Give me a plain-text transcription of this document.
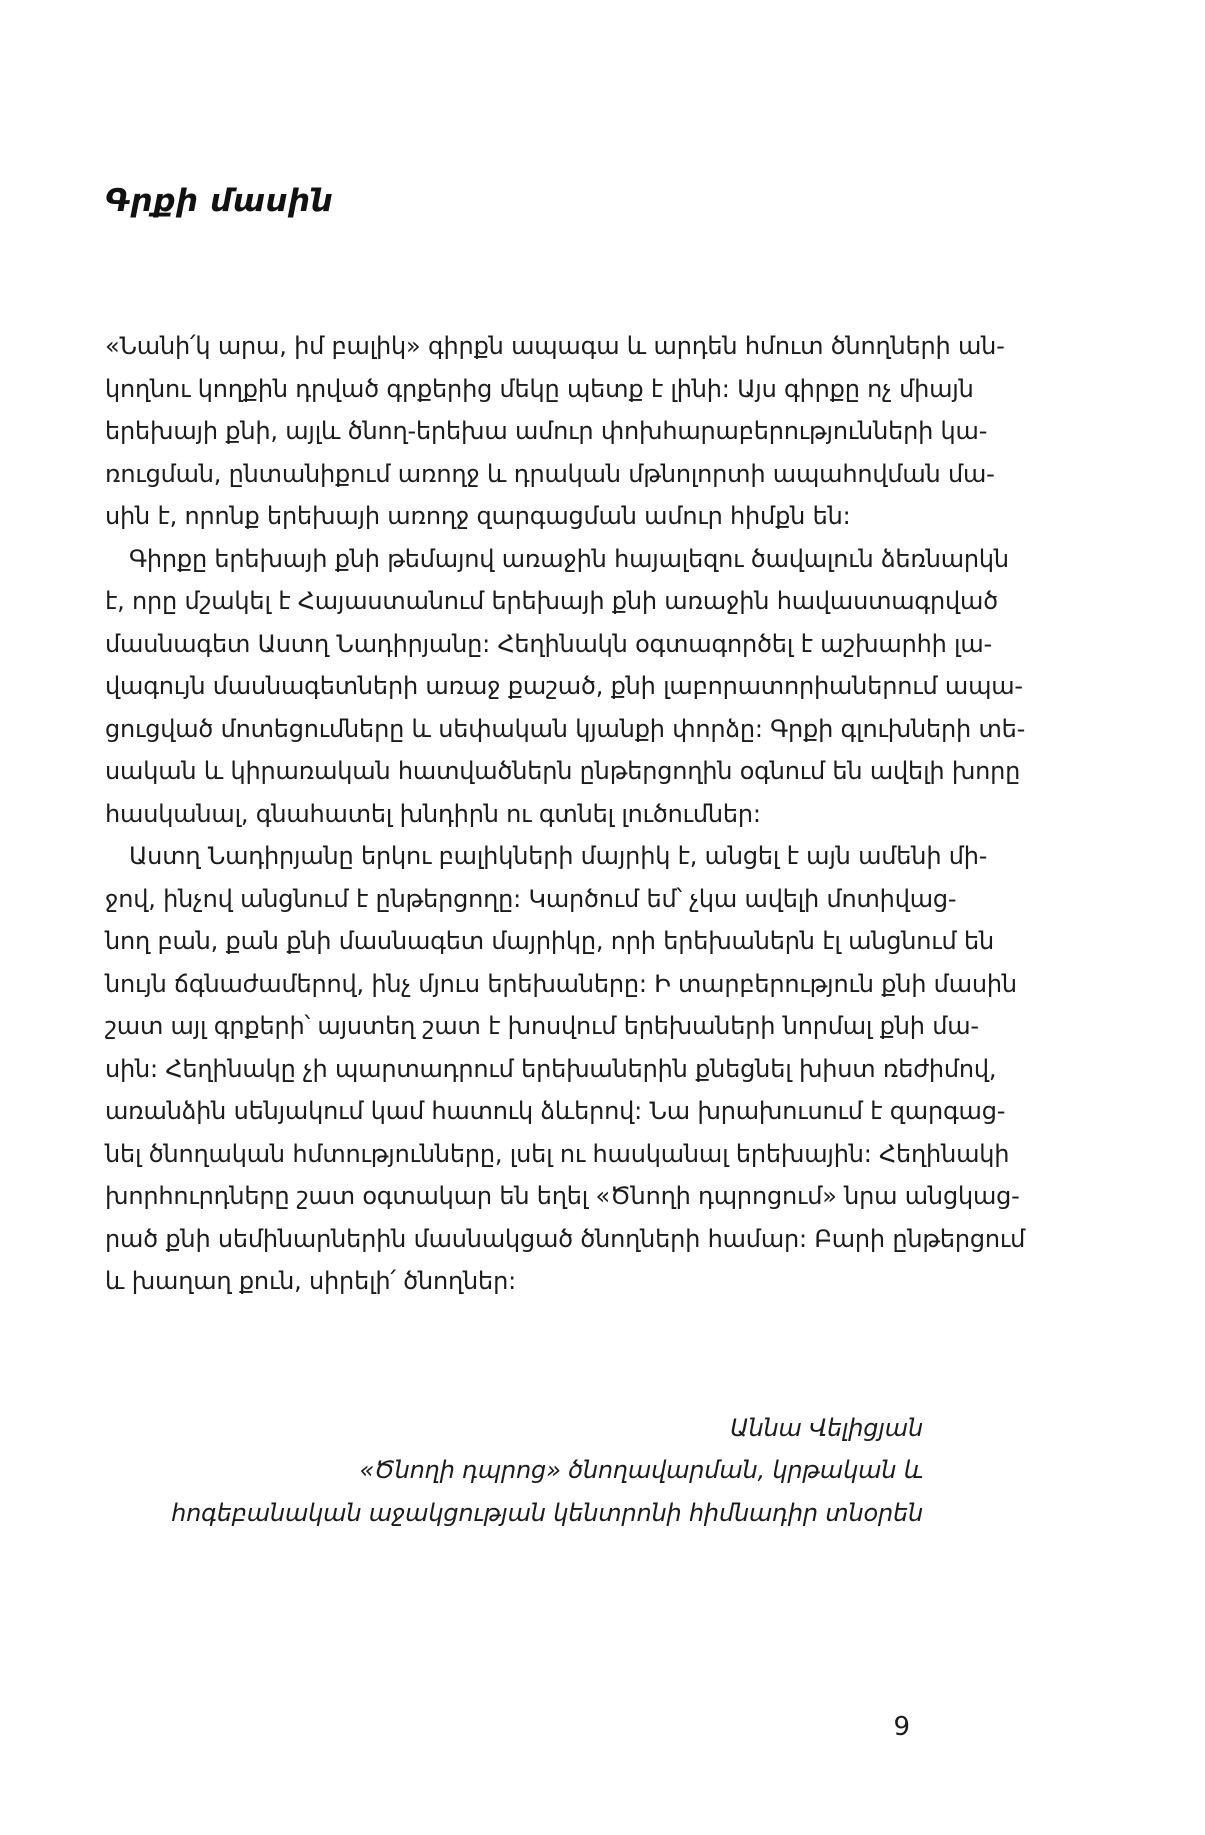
Գրքի մասին
«Նանի՛կ արա, իմ բալիկ» գիրքն ապագա և արդեն հմուտ ծնողների ան-
կողնու կողքին դրված գրքերից մեկը պետք է լինի: Այս գիրքը ոչ միայն
երեխայի քնի, այլև ծնող-երեխա ամուր փոխհարաբերությունների կա-
ռուցման, ընտանիքում առողջ և դրական մթնոլորտի ապահովման մա-
սին է, որոնք երեխայի առողջ զարգացման ամուր հիմքն են:
Գիրքը երեխայի քնի թեմայով առաջին հայալեզու ծավալուն ձեռնարկն
է, որը մշակել է Հայաստանում երեխայի քնի առաջին հավաստագրված
մասնագետ Աստղ Նադիրյանը: Հեղինակն օգտագործել է աշխարհի լա-
վագույն մասնագետների առաջ քաշած, քնի լաբորատորիաներում ապա-
ցուցված մոտեցումները և սեփական կյանքի փորձը: Գրքի գլուխների տե-
սական և կիրառական հատվածներն ընթերցողին օգնում են ավելի խորը
հասկանալ, գնահատել խնդիրն ու գտնել լուծումներ:
Աստղ Նադիրյանը երկու բալիկների մայրիկ է, անցել է այն ամենի մի-
ջով, ինչով անցնում է ընթերցողը: Կարծում եմ՝ չկա ավելի մոտիվաց-
նող բան, քան քնի մասնագետ մայրիկը, որի երեխաներն էլ անցնում են
նույն ճգնաժամերով, ինչ մյուս երեխաները: Ի տարբերություն քնի մասին
շատ այլ գրքերի՝ այստեղ շատ է խոսվում երեխաների նորմալ քնի մա-
սին: Հեղինակը չի պարտադրում երեխաներին քնեցնել խիստ ռեժիմով,
առանձին սենյակում կամ հատուկ ձևերով: Նա խրախուսում է զարգաց-
նել ծնողական հմտությունները, լսել ու հասկանալ երեխային: Հեղինակի
խորհուրդները շատ օգտակար են եղել «Ծնողի դպրոցում» նրա անցկաց-
րած քնի սեմինարներին մասնակցած ծնողների համար: Բարի ընթերցում
և խաղաղ քուն, սիրելի՛ ծնողներ:
Աննա Վելիցյան
«Ծնողի դպրոց» ծնողավարման, կրթական և
հոգեբանական աջակցության կենտրոնի հիմնադիր տնօրեն
9
